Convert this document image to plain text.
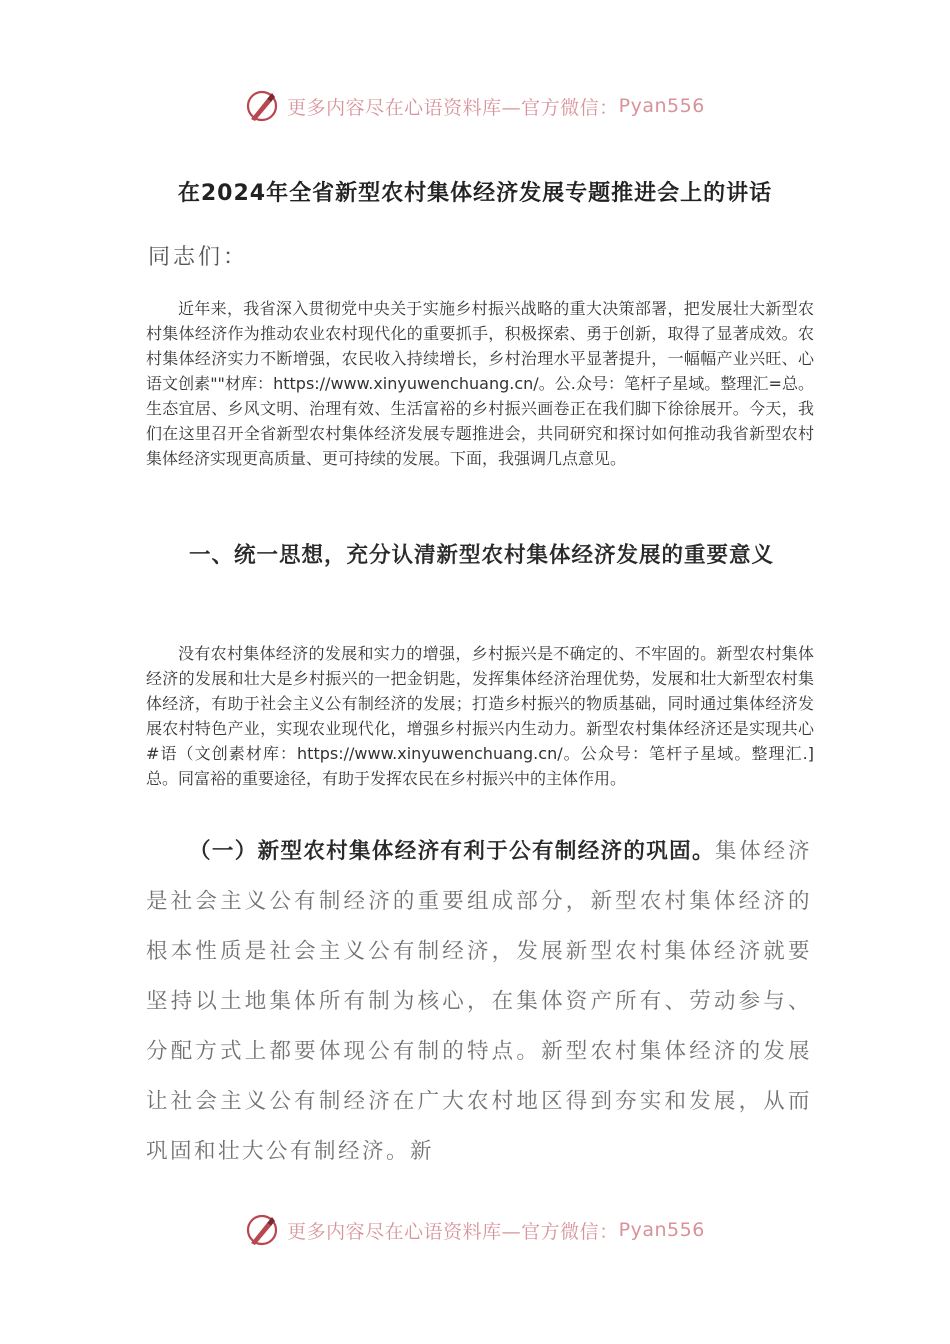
更多内容尽在心语资料库—官方微信： Pyan556
在2024年全省新型农村集体经济发展专题推进会上的讲话
同志们：
近年来，我省深入贯彻党中央关于实施乡村振兴战略的重大决策部署，把发展壮大新型农村集体经济作为推动农业农村现代化的重要抓手，积极探索、勇于创新，取得了显著成效。农村集体经济实力不断增强，农民收入持续增长，乡村治理水平显著提升，一幅幅产业兴旺、心语文创素""材库：https://www.xinyuwenchuang.cn/。公.众号：笔杆子星域。整理汇=总。生态宜居、乡风文明、治理有效、生活富裕的乡村振兴画卷正在我们脚下徐徐展开。今天，我们在这里召开全省新型农村集体经济发展专题推进会，共同研究和探讨如何推动我省新型农村集体经济实现更高质量、更可持续的发展。下面，我强调几点意见。
一、统一思想，充分认清新型农村集体经济发展的重要意义
没有农村集体经济的发展和实力的增强，乡村振兴是不确定的、不牢固的。新型农村集体经济的发展和壮大是乡村振兴的一把金钥匙，发挥集体经济治理优势，发展和壮大新型农村集体经济，有助于社会主义公有制经济的发展；打造乡村振兴的物质基础，同时通过集体经济发展农村特色产业，实现农业现代化，增强乡村振兴内生动力。新型农村集体经济还是实现共心#语（文创素材库：https://www.xinyuwenchuang.cn/。公众号：笔杆子星域。整理汇.]总。同富裕的重要途径，有助于发挥农民在乡村振兴中的主体作用。
（一）新型农村集体经济有利于公有制经济的巩固。集体经济是社会主义公有制经济的重要组成部分，新型农村集体经济的根本性质是社会主义公有制经济，发展新型农村集体经济就要坚持以土地集体所有制为核心，在集体资产所有、劳动参与、分配方式上都要体现公有制的特点。新型农村集体经济的发展让社会主义公有制经济在广大农村地区得到夯实和发展，从而巩固和壮大公有制经济。新
更多内容尽在心语资料库—官方微信： Pyan556
